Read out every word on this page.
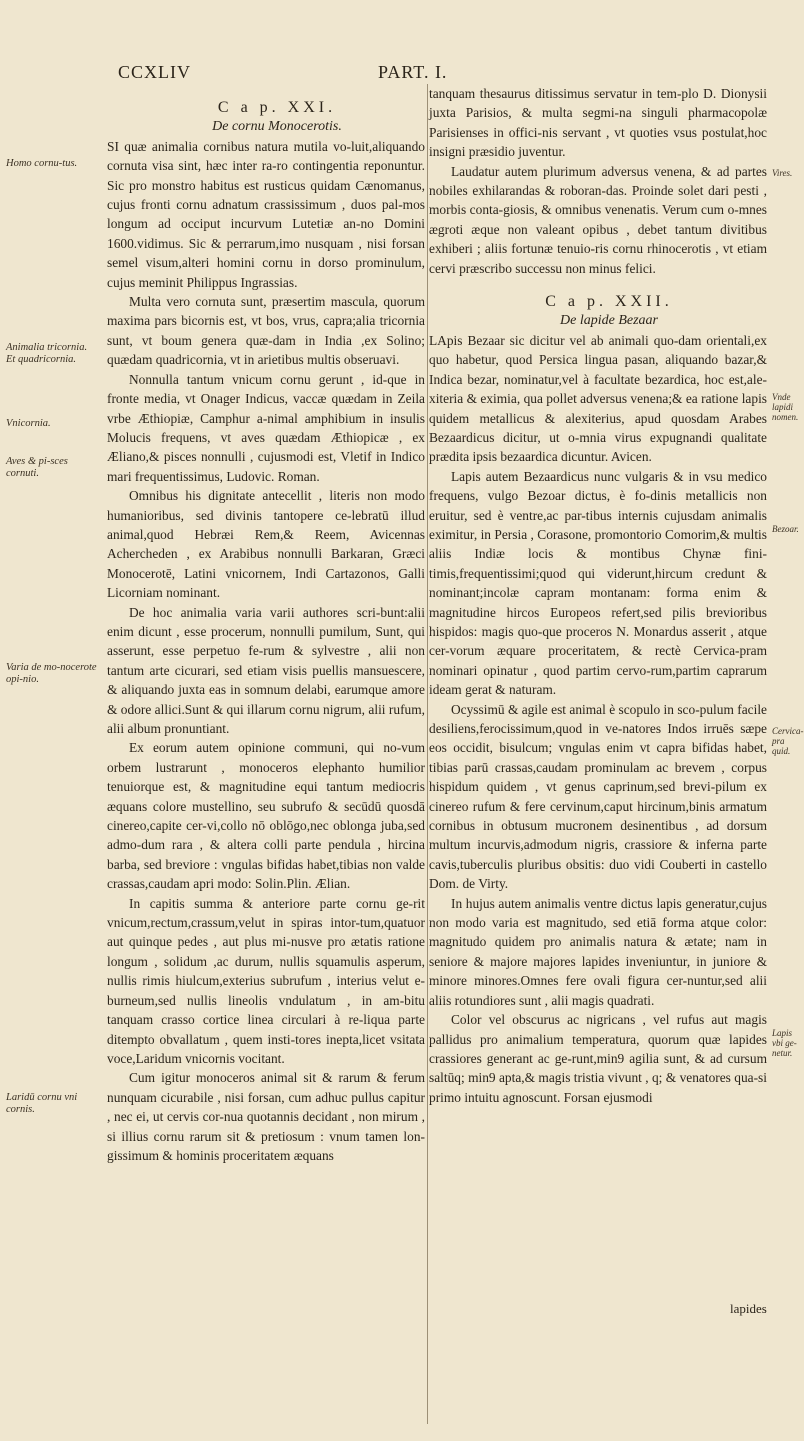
CCXLIV	PART. I.
Homo cornu-tus.
Animalia tricornia. Et quadricornia.
Vnicornia.
Aves & pi-sces cornuti.
Varia de mo-nocerote opi-nio.
Laridū cornu vni cornis.

C a p. XXI.

De cornu Monocerotis.

SI quæ animalia cornibus natura mutila vo-luit,aliquando cornuta visa sint, hæc inter ra-ro contingentia reponuntur. Sic pro monstro habitus est rusticus quidam Cænomanus, cujus fronti cornu adnatum crassissimum , duos pal-mos longum ad occiput incurvum Lutetiæ an-no Domini 1600.vidimus. Sic & perrarum,imo nusquam , nisi forsan semel visum,alteri homini cornu in dorso prominulum, cujus meminit Philippus Ingrassias.

Multa vero cornuta sunt, præsertim mascula, quorum maxima pars bicornis est, vt bos, vrus, capra;alia tricornia sunt, vt boum genera quæ-dam in India ,ex Solino; quædam quadricornia, vt in arietibus multis obseruavi.

Nonnulla tantum vnicum cornu gerunt , id-que in fronte media, vt Onager Indicus, vaccæ quædam in Zeila vrbe Æthiopiæ, Camphur a-nimal amphibium in insulis Molucis frequens, vt aves quædam Æthiopicæ , ex Æliano,& pisces nonnulli , cujusmodi est, Vletif in Indico mari frequentissimus, Ludovic. Roman.

Omnibus his dignitate antecellit , literis non modo humanioribus, sed divinis tantopere ce-lebratū illud animal,quod Hebræi Rem,& Reem, Avicennas Achercheden , ex Arabibus nonnulli Barkaran, Græci Monocerotē, Latini vnicornem, Indi Cartazonos, Galli Licorniam nominant.

De hoc animalia varia varii authores scri-bunt:alii enim dicunt , esse procerum, nonnulli pumilum, Sunt, qui asserunt, esse perpetuo fe-rum & sylvestre , alii non tantum arte cicurari, sed etiam visis puellis mansuescere, & aliquando juxta eas in somnum delabi, earumque amore & odore allici.Sunt & qui illarum cornu nigrum, alii rufum, alii album pronuntiant.

Ex eorum autem opinione communi, qui no-vum orbem lustrarunt , monoceros elephanto humilior tenuiorque est, & magnitudine equi tantum mediocris æquans colore mustellino, seu subrufo & secūdū quosdā cinereo,capite cer-vi,collo nō oblōgo,nec oblonga juba,sed admo-dum rara , & altera colli parte pendula , hircina barba, sed breviore : vngulas bifidas habet,tibias non valde crassas,caudam apri modo: Solin.Plin. Ælian.

In capitis summa & anteriore parte cornu ge-rit vnicum,rectum,crassum,velut in spiras intor-tum,quatuor aut quinque pedes , aut plus mi-nusve pro ætatis ratione longum , solidum ,ac durum, nullis squamulis asperum, nullis rimis hiulcum,exterius subrufum , interius velut e-burneum,sed nullis lineolis vndulatum , in am-bitu tanquam crasso cortice linea circulari à re-liqua parte ditempto obvallatum , quem insti-tores inepta,licet vsitata voce,Laridum vnicornis vocitant.

Cum igitur monoceros animal sit & rarum & ferum nunquam cicurabile , nisi forsan, cum adhuc pullus capitur , nec ei, ut cervis cor-nua quotannis decidant , non mirum , si illius cornu rarum sit & pretiosum : vnum tamen lon-gissimum & hominis proceritatem æquans

tanquam thesaurus ditissimus servatur in tem-plo D. Dionysii juxta Parisios, & multa segmi-na singuli pharmacopolæ Parisienses in offici-nis servant , vt quoties vsus postulat,hoc insigni præsidio juventur.

Laudatur autem plurimum adversus venena, & ad partes nobiles exhilarandas & roboran-das. Proinde solet dari pesti , morbis conta-giosis, & omnibus venenatis. Verum cum o-mnes ægroti æque non valeant opibus , debet tantum divitibus exhiberi ; aliis fortunæ tenuio-ris cornu rhinocerotis , vt etiam cervi præscribo successu non minus felici.

C a p. XXII.

De lapide Bezaar

LApis Bezaar sic dicitur vel ab animali quo-dam orientali,ex quo habetur, quod Persica lingua pasan, aliquando bazar,& Indica bezar, nominatur,vel à facultate bezardica, hoc est,ale-xiteria & eximia, qua pollet adversus venena;& ea ratione lapis quidem metallicus & alexiterius, apud quosdam Arabes Bezaardicus dicitur, ut o-mnia virus expugnandi qualitate prædita ipsis bezaardica dicuntur. Avicen.

Lapis autem Bezaardicus nunc vulgaris & in vsu medico frequens, vulgo Bezoar dictus, è fo-dinis metallicis non eruitur, sed è ventre,ac par-tibus internis cujusdam animalis eximitur, in Persia , Corasone, promontorio Comorim,& multis aliis Indiæ locis & montibus Chynæ fini-timis,frequentissimi;quod qui viderunt,hircum credunt & nominant;incolæ capram montanam: forma enim & magnitudine hircos Europeos refert,sed pilis brevioribus hispidos: magis quo-que proceros N. Monardus asserit , atque cer-vorum æquare proceritatem, & rectè Cervica-pram nominari opinatur , quod partim cervo-rum,partim caprarum ideam gerat & naturam.

Ocyssimū & agile est animal è scopulo in sco-pulum facile desiliens,ferocissimum,quod in ve-natores Indos irruēs sæpe eos occidit, bisulcum; vngulas enim vt capra bifidas habet, tibias parū crassas,caudam prominulam ac brevem , corpus hispidum quidem , vt genus caprinum,sed brevi-pilum ex cinereo rufum & fere cervinum,caput hircinum,binis armatum cornibus in obtusum mucronem desinentibus , ad dorsum multum incurvis,admodum nigris, crassiore & inferna parte cavis,tuberculis pluribus obsitis: duo vidi Couberti in castello Dom. de Virty.

In hujus autem animalis ventre dictus lapis generatur,cujus non modo varia est magnitudo, sed etiā forma atque color: magnitudo quidem pro animalis natura & ætate; nam in seniore & majore majores lapides inveniuntur, in juniore & minore minores.Omnes fere ovali figura cer-nuntur,sed alii aliis rotundiores sunt , alii magis quadrati.

Color vel obscurus ac nigricans , vel rufus aut magis pallidus pro animalium temperatura, quorum quæ lapides crassiores generant ac ge-runt,min9 agilia sunt, & ad cursum saltūq; min9 apta,& magis tristia vivunt , q; & venatores qua-si primo intuitu agnoscunt. Forsan ejusmodi

Vires.
Vnde lapidi nomen.
Bezoar.
Cervica-pra quid.
Lapis vbi ge-netur.
lapides
